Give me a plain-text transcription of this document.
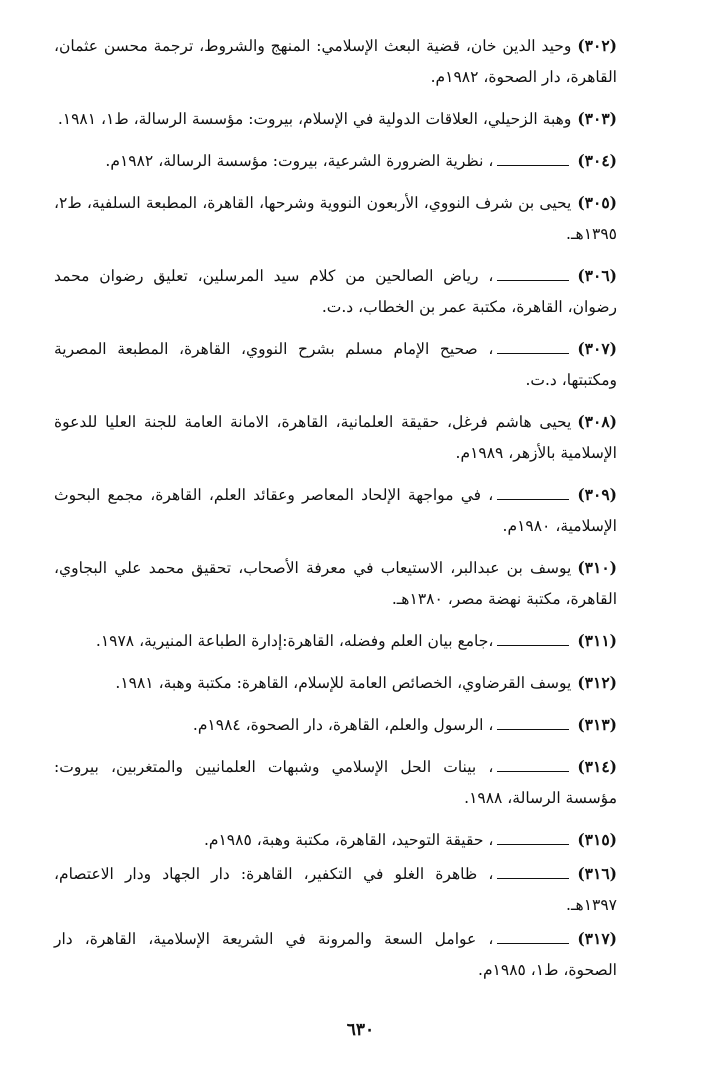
(٣٠٢)وحيد الدين خان، قضية البعث الإسلامي: المنهج والشروط، ترجمة محسن عثمان، القاهرة، دار الصحوة، ١٩٨٢م.

(٣٠٣)وهبة الزحيلي، العلاقات الدولية في الإسلام، بيروت: مؤسسة الرسالة، ط١، ١٩٨١.

(٣٠٤)، نظرية الضرورة الشرعية، بيروت: مؤسسة الرسالة، ١٩٨٢م.

(٣٠٥)يحيى بن شرف النووي، الأربعون النووية وشرحها، القاهرة، المطبعة السلفية، ط٢، ١٣٩٥هـ.

(٣٠٦)، رياض الصالحين من كلام سيد المرسلين، تعليق رضوان محمد رضوان، القاهرة، مكتبة عمر بن الخطاب، د.ت.

(٣٠٧)، صحيح الإمام مسلم بشرح النووي، القاهرة، المطبعة المصرية ومكتبتها، د.ت.

(٣٠٨)يحيى هاشم فرغل، حقيقة العلمانية، القاهرة، الامانة العامة للجنة العليا للدعوة الإسلامية بالأزهر، ١٩٨٩م.

(٣٠٩)، في مواجهة الإلحاد المعاصر وعقائد العلم، القاهرة، مجمع البحوث الإسلامية، ١٩٨٠م.

(٣١٠)يوسف بن عبدالبر، الاستيعاب في معرفة الأصحاب، تحقيق محمد علي البجاوي، القاهرة، مكتبة نهضة مصر، ١٣٨٠هـ.

(٣١١)،جامع بيان العلم وفضله، القاهرة:إدارة الطباعة المنيرية، ١٩٧٨.

(٣١٢)يوسف القرضاوي، الخصائص العامة للإسلام، القاهرة: مكتبة وهبة، ١٩٨١.

(٣١٣)، الرسول والعلم، القاهرة، دار الصحوة، ١٩٨٤م.

(٣١٤)، بينات الحل الإسلامي وشبهات العلمانيين والمتغربين، بيروت: مؤسسة الرسالة، ١٩٨٨.

(٣١٥)، حقيقة التوحيد، القاهرة، مكتبة وهبة، ١٩٨٥م.

(٣١٦)، ظاهرة الغلو في التكفير، القاهرة: دار الجهاد ودار الاعتصام، ١٣٩٧هـ.

(٣١٧)، عوامل السعة والمرونة في الشريعة الإسلامية، القاهرة، دار الصحوة، ط١، ١٩٨٥م.

٦٣٠
